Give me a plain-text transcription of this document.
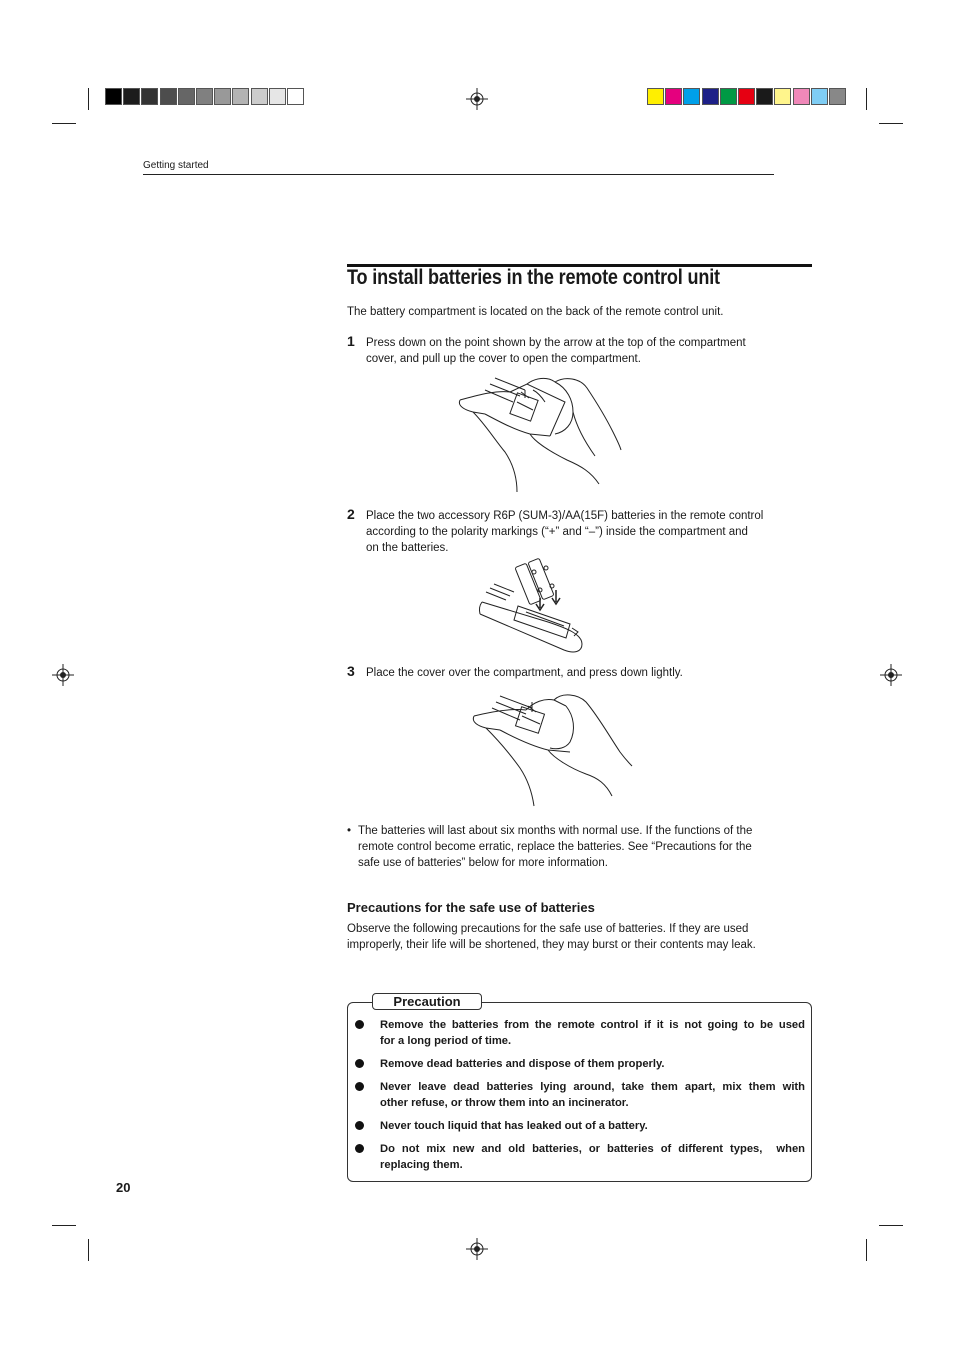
Getting started
To install batteries in the remote control unit
The battery compartment is located on the back of the remote control unit.
1 Press down on the point shown by the arrow at the top of the compartment
cover, and pull up the cover to open the compartment.
2 Place the two accessory R6P (SUM-3)/AA(15F) batteries in the remote control
according to the polarity markings (“+” and “–”) inside the compartment and
on the batteries.
3 Place the cover over the compartment, and press down lightly.
• The batteries will last about six months with normal use. If the functions of the
remote control become erratic, replace the batteries. See “Precautions for the
safe use of batteries” below for more information.
Precautions for the safe use of batteries
Observe the following precautions for the safe use of batteries. If they are used
improperly, their life will be shortened, they may burst or their contents may leak.
Precaution
Remove the batteries from the remote control if it is not going to be used
for a long period of time.
Remove dead batteries and dispose of them properly.
Never leave dead batteries lying around, take them apart, mix them with
other refuse, or throw them into an incinerator.
Never touch liquid that has leaked out of a battery.
Do not mix new and old batteries, or batteries of different types,  when
replacing them.
20
